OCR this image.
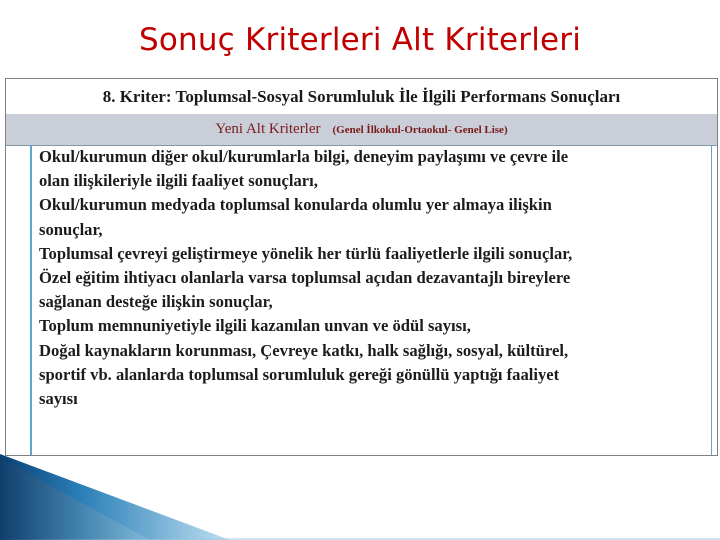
Sonuç Kriterleri Alt Kriterleri
8. Kriter: Toplumsal-Sosyal Sorumluluk İle İlgili Performans Sonuçları
Yeni Alt Kriterler (Genel İlkokul-Ortaokul- Genel Lise)
Okul/kurumun diğer okul/kurumlarla bilgi, deneyim paylaşımı ve çevre ile
olan ilişkileriyle ilgili faaliyet sonuçları,
Okul/kurumun medyada toplumsal konularda olumlu yer almaya ilişkin
sonuçlar,
Toplumsal çevreyi geliştirmeye yönelik her türlü faaliyetlerle ilgili sonuçlar,
Özel eğitim ihtiyacı olanlarla varsa toplumsal açıdan dezavantajlı bireylere
sağlanan desteğe ilişkin sonuçlar,
Toplum memnuniyetiyle ilgili kazanılan unvan ve ödül sayısı,
Doğal kaynakların korunması, Çevreye katkı, halk sağlığı, sosyal, kültürel,
sportif vb. alanlarda toplumsal sorumluluk gereği gönüllü yaptığı faaliyet
sayısı
